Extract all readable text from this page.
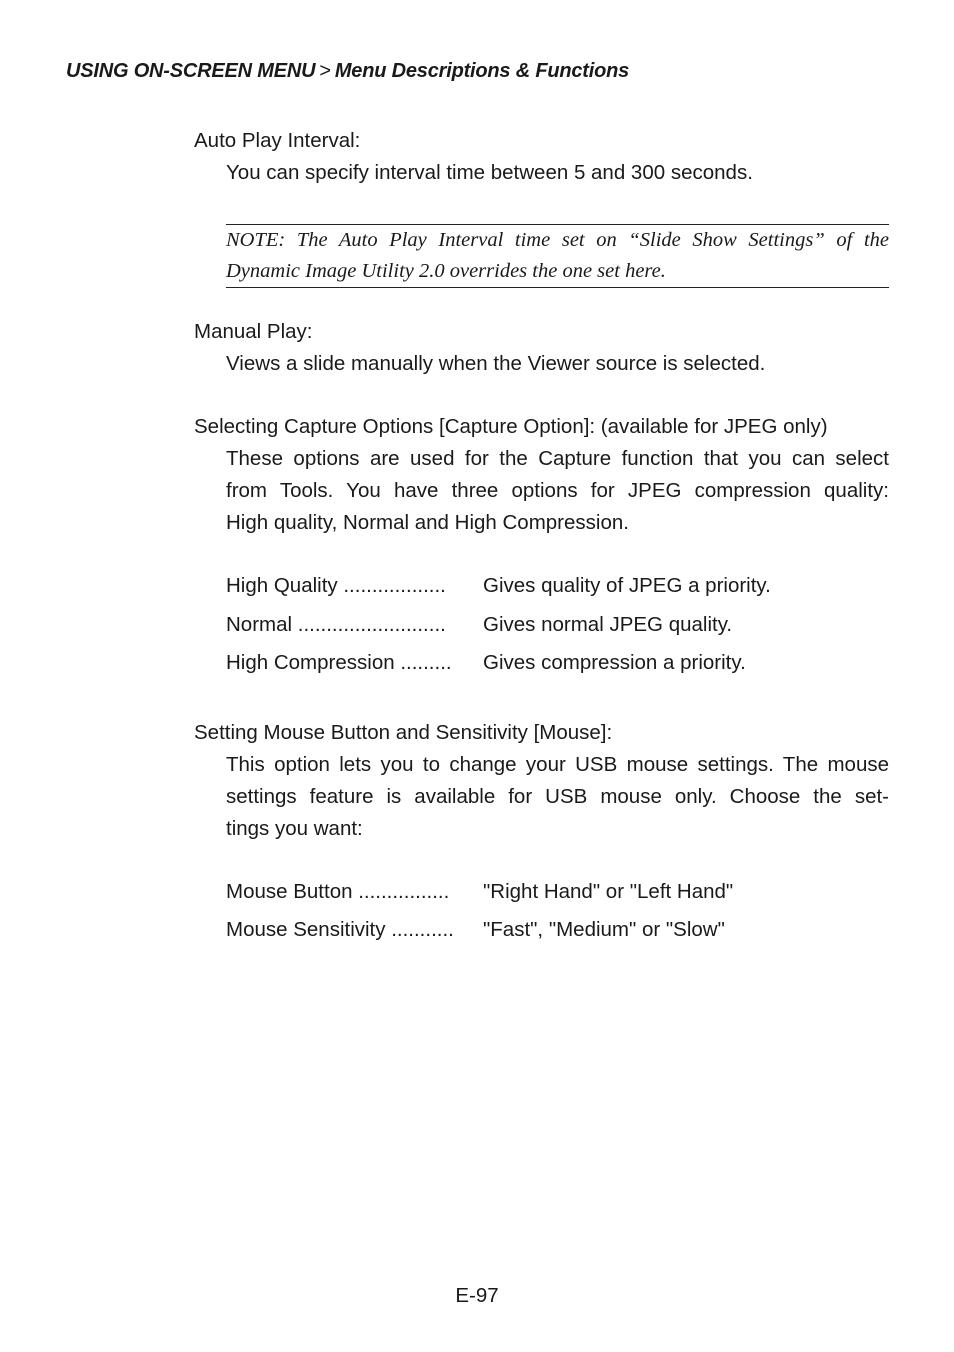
USING ON-SCREEN MENU > Menu Descriptions & Functions
Auto Play Interval:
You can specify interval time between 5 and 300 seconds.
NOTE: The Auto Play Interval time set on “Slide Show Settings” of the
Dynamic Image Utility 2.0 overrides the one set here.
Manual Play:
Views a slide manually when the Viewer source is selected.
Selecting Capture Options [Capture Option]: (available for JPEG only)
These options are used for the Capture function that you can select
from Tools. You have three options for JPEG compression quality:
High quality, Normal and High Compression.
High Quality .................. Gives quality of JPEG a priority.
Normal .......................... Gives normal JPEG quality.
High Compression ......... Gives compression a priority.
Setting Mouse Button and Sensitivity [Mouse]:
This option lets you to change your USB mouse settings. The mouse
settings feature is available for USB mouse only. Choose the set-
tings you want:
Mouse Button ................ "Right Hand" or "Left Hand"
Mouse Sensitivity ........... "Fast", "Medium" or "Slow"
E-97
